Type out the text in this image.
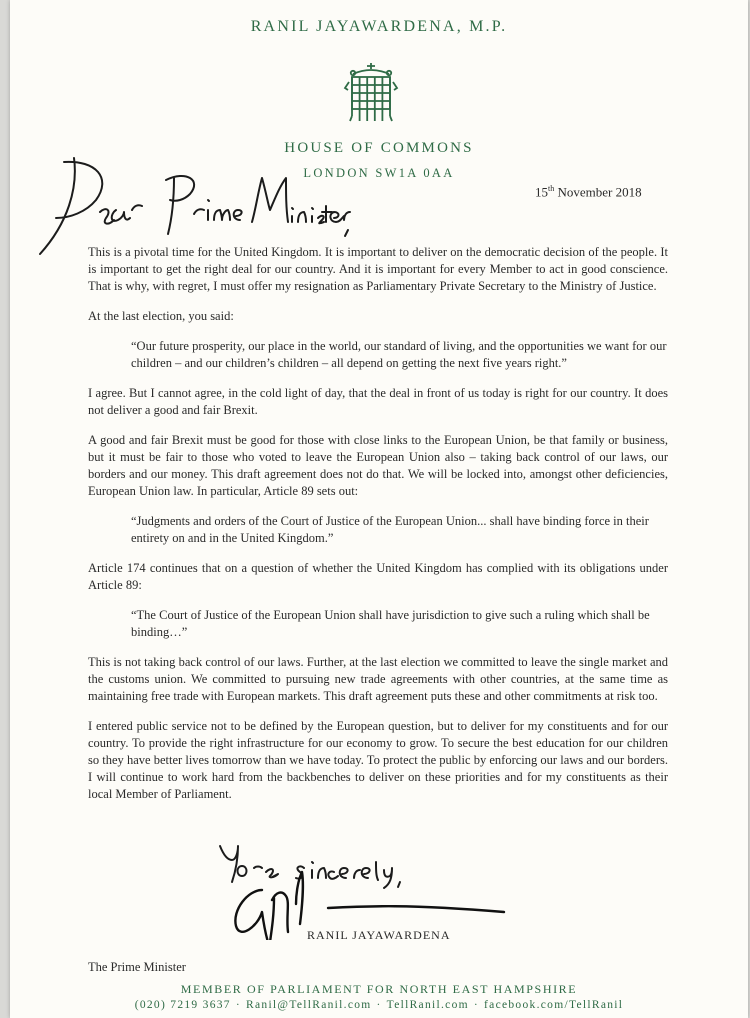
RANIL JAYAWARDENA, M.P.
HOUSE OF COMMONS
LONDON SW1A 0AA
15th November 2018

This is a pivotal time for the United Kingdom. It is important to deliver on the democratic decision of the people. It is important to get the right deal for our country. And it is important for every Member to act in good conscience. That is why, with regret, I must offer my resignation as Parliamentary Private Secretary to the Ministry of Justice.

At the last election, you said:

“Our future prosperity, our place in the world, our standard of living, and the opportunities we want for our children – and our children’s children – all depend on getting the next five years right.”

I agree. But I cannot agree, in the cold light of day, that the deal in front of us today is right for our country. It does not deliver a good and fair Brexit.

A good and fair Brexit must be good for those with close links to the European Union, be that family or business, but it must be fair to those who voted to leave the European Union also – taking back control of our laws, our borders and our money. This draft agreement does not do that. We will be locked into, amongst other deficiencies, European Union law. In particular, Article 89 sets out:

“Judgments and orders of the Court of Justice of the European Union... shall have binding force in their entirety on and in the United Kingdom.”

Article 174 continues that on a question of whether the United Kingdom has complied with its obligations under Article 89:

“The Court of Justice of the European Union shall have jurisdiction to give such a ruling which shall be binding…”

This is not taking back control of our laws. Further, at the last election we committed to leave the single market and the customs union. We committed to pursuing new trade agreements with other countries, at the same time as maintaining free trade with European markets. This draft agreement puts these and other commitments at risk too.

I entered public service not to be defined by the European question, but to deliver for my constituents and for our country. To provide the right infrastructure for our economy to grow. To secure the best education for our children so they have better lives tomorrow than we have today. To protect the public by enforcing our laws and our borders. I will continue to work hard from the backbenches to deliver on these priorities and for my constituents as their local Member of Parliament.

RANIL JAYAWARDENA
The Prime Minister
MEMBER OF PARLIAMENT FOR NORTH EAST HAMPSHIRE
(020) 7219 3637 · Ranil@TellRanil.com · TellRanil.com · facebook.com/TellRanil
